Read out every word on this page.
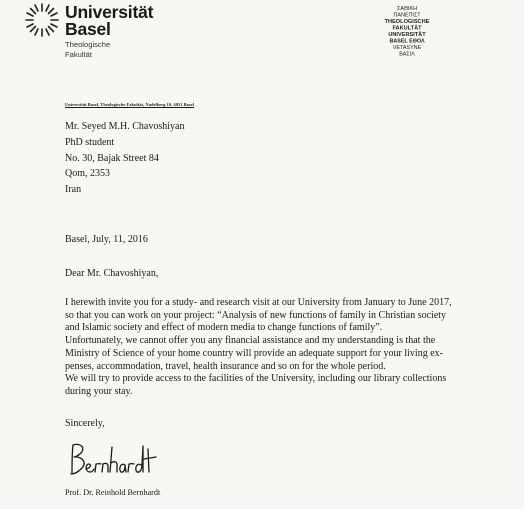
Universität
Basel
Theologische
Fakultät
ΣΑΘΙΚΗ
ΠΑΝΕΠΙΣΤ
THEOLOGISCHE
FAKULTÄT
UNIVERSITÄT
BASEL ΕΘΟΛ
VETASYNE
ΒΑΣΙΛ
Universität Basel, Theologische Fakultät, Nadelberg 10, 4051 Basel
Mr. Seyed M.H. Chavoshiyan
PhD student
No. 30, Bajak Street 84
Qom, 2353
Iran
Basel, July, 11, 2016
Dear Mr. Chavoshiyan,
I herewith invite you for a study- and research visit at our University from January to June 2017,
so that you can work on your project: “Analysis of new functions of family in Christian society
and Islamic society and effect of modern media to change functions of family”.
Unfortunately, we cannot offer you any financial assistance and my understanding is that the
Ministry of Science of your home country will provide an adequate support for your living ex-
penses, accommodation, travel, health insurance and so on for the whole period.
We will try to provide access to the facilities of the University, including our library collections
during your stay.
Sincerely,
Prof. Dr. Reinhold Bernhardt
